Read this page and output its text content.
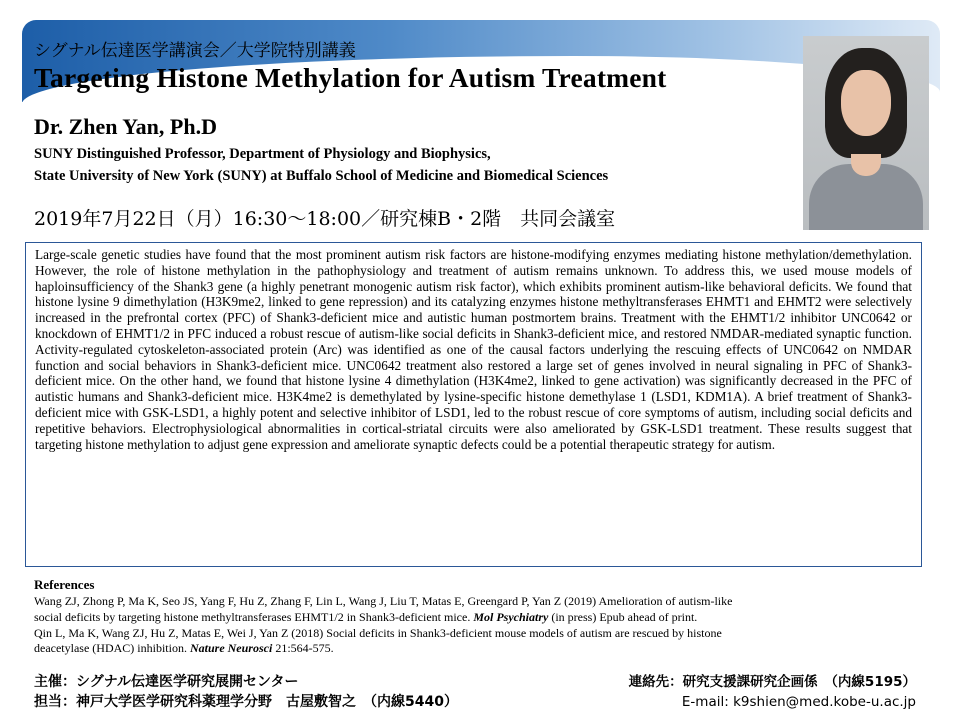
シグナル伝達医学講演会／大学院特別講義
Targeting Histone Methylation for Autism Treatment
Dr. Zhen Yan, Ph.D
SUNY Distinguished Professor, Department of Physiology and Biophysics,
State University of New York (SUNY) at Buffalo School of Medicine and Biomedical Sciences
2019年7月22日（月）16:30～18:00／研究棟B・2階　共同会議室

Large-scale genetic studies have found that the most prominent autism risk factors are histone-modifying enzymes mediating histone methylation/demethylation. However, the role of histone methylation in the pathophysiology and treatment of autism remains unknown. To address this, we used mouse models of haploinsufficiency of the Shank3 gene (a highly penetrant monogenic autism risk factor), which exhibits prominent autism-like behavioral deficits. We found that histone lysine 9 dimethylation (H3K9me2, linked to gene repression) and its catalyzing enzymes histone methyltransferases EHMT1 and EHMT2 were selectively increased in the prefrontal cortex (PFC) of Shank3-deficient mice and autistic human postmortem brains. Treatment with the EHMT1/2 inhibitor UNC0642 or knockdown of EHMT1/2 in PFC induced a robust rescue of autism-like social deficits in Shank3-deficient mice, and restored NMDAR-mediated synaptic function. Activity-regulated cytoskeleton-associated protein (Arc) was identified as one of the causal factors underlying the rescuing effects of UNC0642 on NMDAR function and social behaviors in Shank3-deficient mice. UNC0642 treatment also restored a large set of genes involved in neural signaling in PFC of Shank3-deficient mice. On the other hand, we found that histone lysine 4 dimethylation (H3K4me2, linked to gene activation) was significantly decreased in the PFC of autistic humans and Shank3-deficient mice. H3K4me2 is demethylated by lysine-specific histone demethylase 1 (LSD1, KDM1A). A brief treatment of Shank3-deficient mice with GSK-LSD1, a highly potent and selective inhibitor of LSD1, led to the robust rescue of core symptoms of autism, including social deficits and repetitive behaviors. Electrophysiological abnormalities in cortical-striatal circuits were also ameliorated by GSK-LSD1 treatment. These results suggest that targeting histone methylation to adjust gene expression and ameliorate synaptic defects could be a potential therapeutic strategy for autism.

References

Wang ZJ, Zhong P, Ma K, Seo JS, Yang F, Hu Z, Zhang F, Lin L, Wang J, Liu T, Matas E, Greengard P, Yan Z (2019) Amelioration of autism-like

social deficits by targeting histone methyltransferases EHMT1/2 in Shank3-deficient mice. Mol Psychiatry (in press) Epub ahead of print.

Qin L, Ma K, Wang ZJ, Hu Z, Matas E, Wei J, Yan Z (2018) Social deficits in Shank3-deficient mouse models of autism are rescued by histone

deacetylase (HDAC) inhibition. Nature Neurosci 21:564-575.

主催：シグナル伝達医学研究展開センター
担当：神戸大学医学研究科薬理学分野　古屋敷智之　（内線5440）
連絡先：研究支援課研究企画係　（内線5195）
E-mail: k9shien@med.kobe-u.ac.jp
